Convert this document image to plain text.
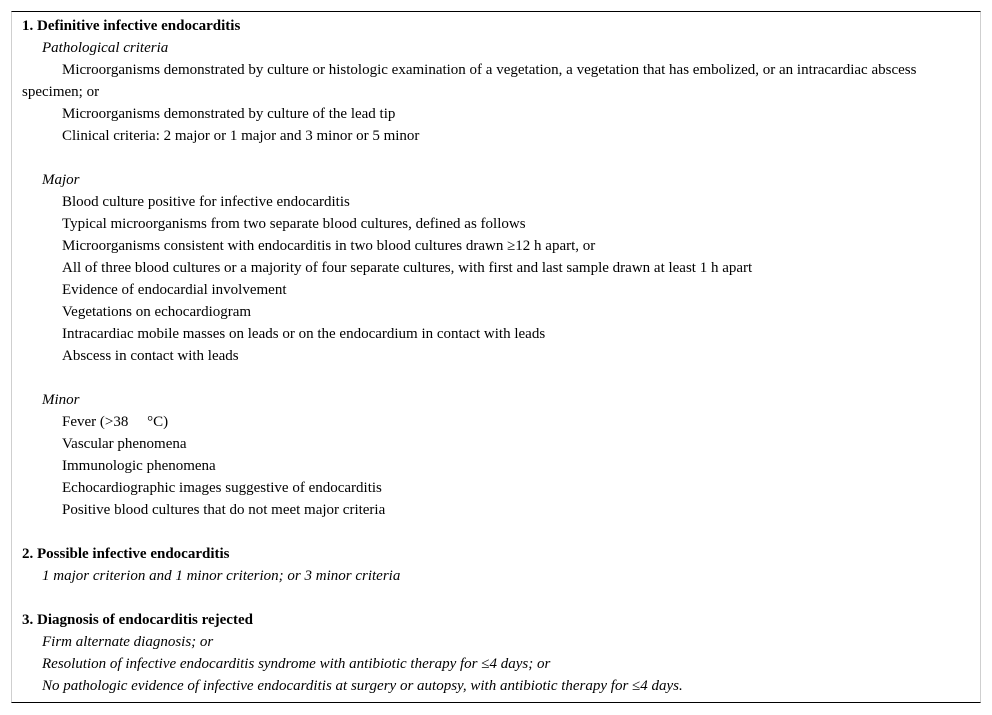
1. Definitive infective endocarditis

Pathological criteria

Microorganisms demonstrated by culture or histologic examination of a vegetation, a vegetation that has embolized, or an intracardiac abscess specimen; or

Microorganisms demonstrated by culture of the lead tip

Clinical criteria: 2 major or 1 major and 3 minor or 5 minor

Major

Blood culture positive for infective endocarditis

Typical microorganisms from two separate blood cultures, defined as follows

Microorganisms consistent with endocarditis in two blood cultures drawn ≥12 h apart, or

All of three blood cultures or a majority of four separate cultures, with first and last sample drawn at least 1 h apart

Evidence of endocardial involvement

Vegetations on echocardiogram

Intracardiac mobile masses on leads or on the endocardium in contact with leads

Abscess in contact with leads

Minor

Fever (>38     °C)

Vascular phenomena

Immunologic phenomena

Echocardiographic images suggestive of endocarditis

Positive blood cultures that do not meet major criteria

2. Possible infective endocarditis

1 major criterion and 1 minor criterion; or 3 minor criteria

3. Diagnosis of endocarditis rejected

Firm alternate diagnosis; or

Resolution of infective endocarditis syndrome with antibiotic therapy for ≤4 days; or

No pathologic evidence of infective endocarditis at surgery or autopsy, with antibiotic therapy for ≤4 days.
